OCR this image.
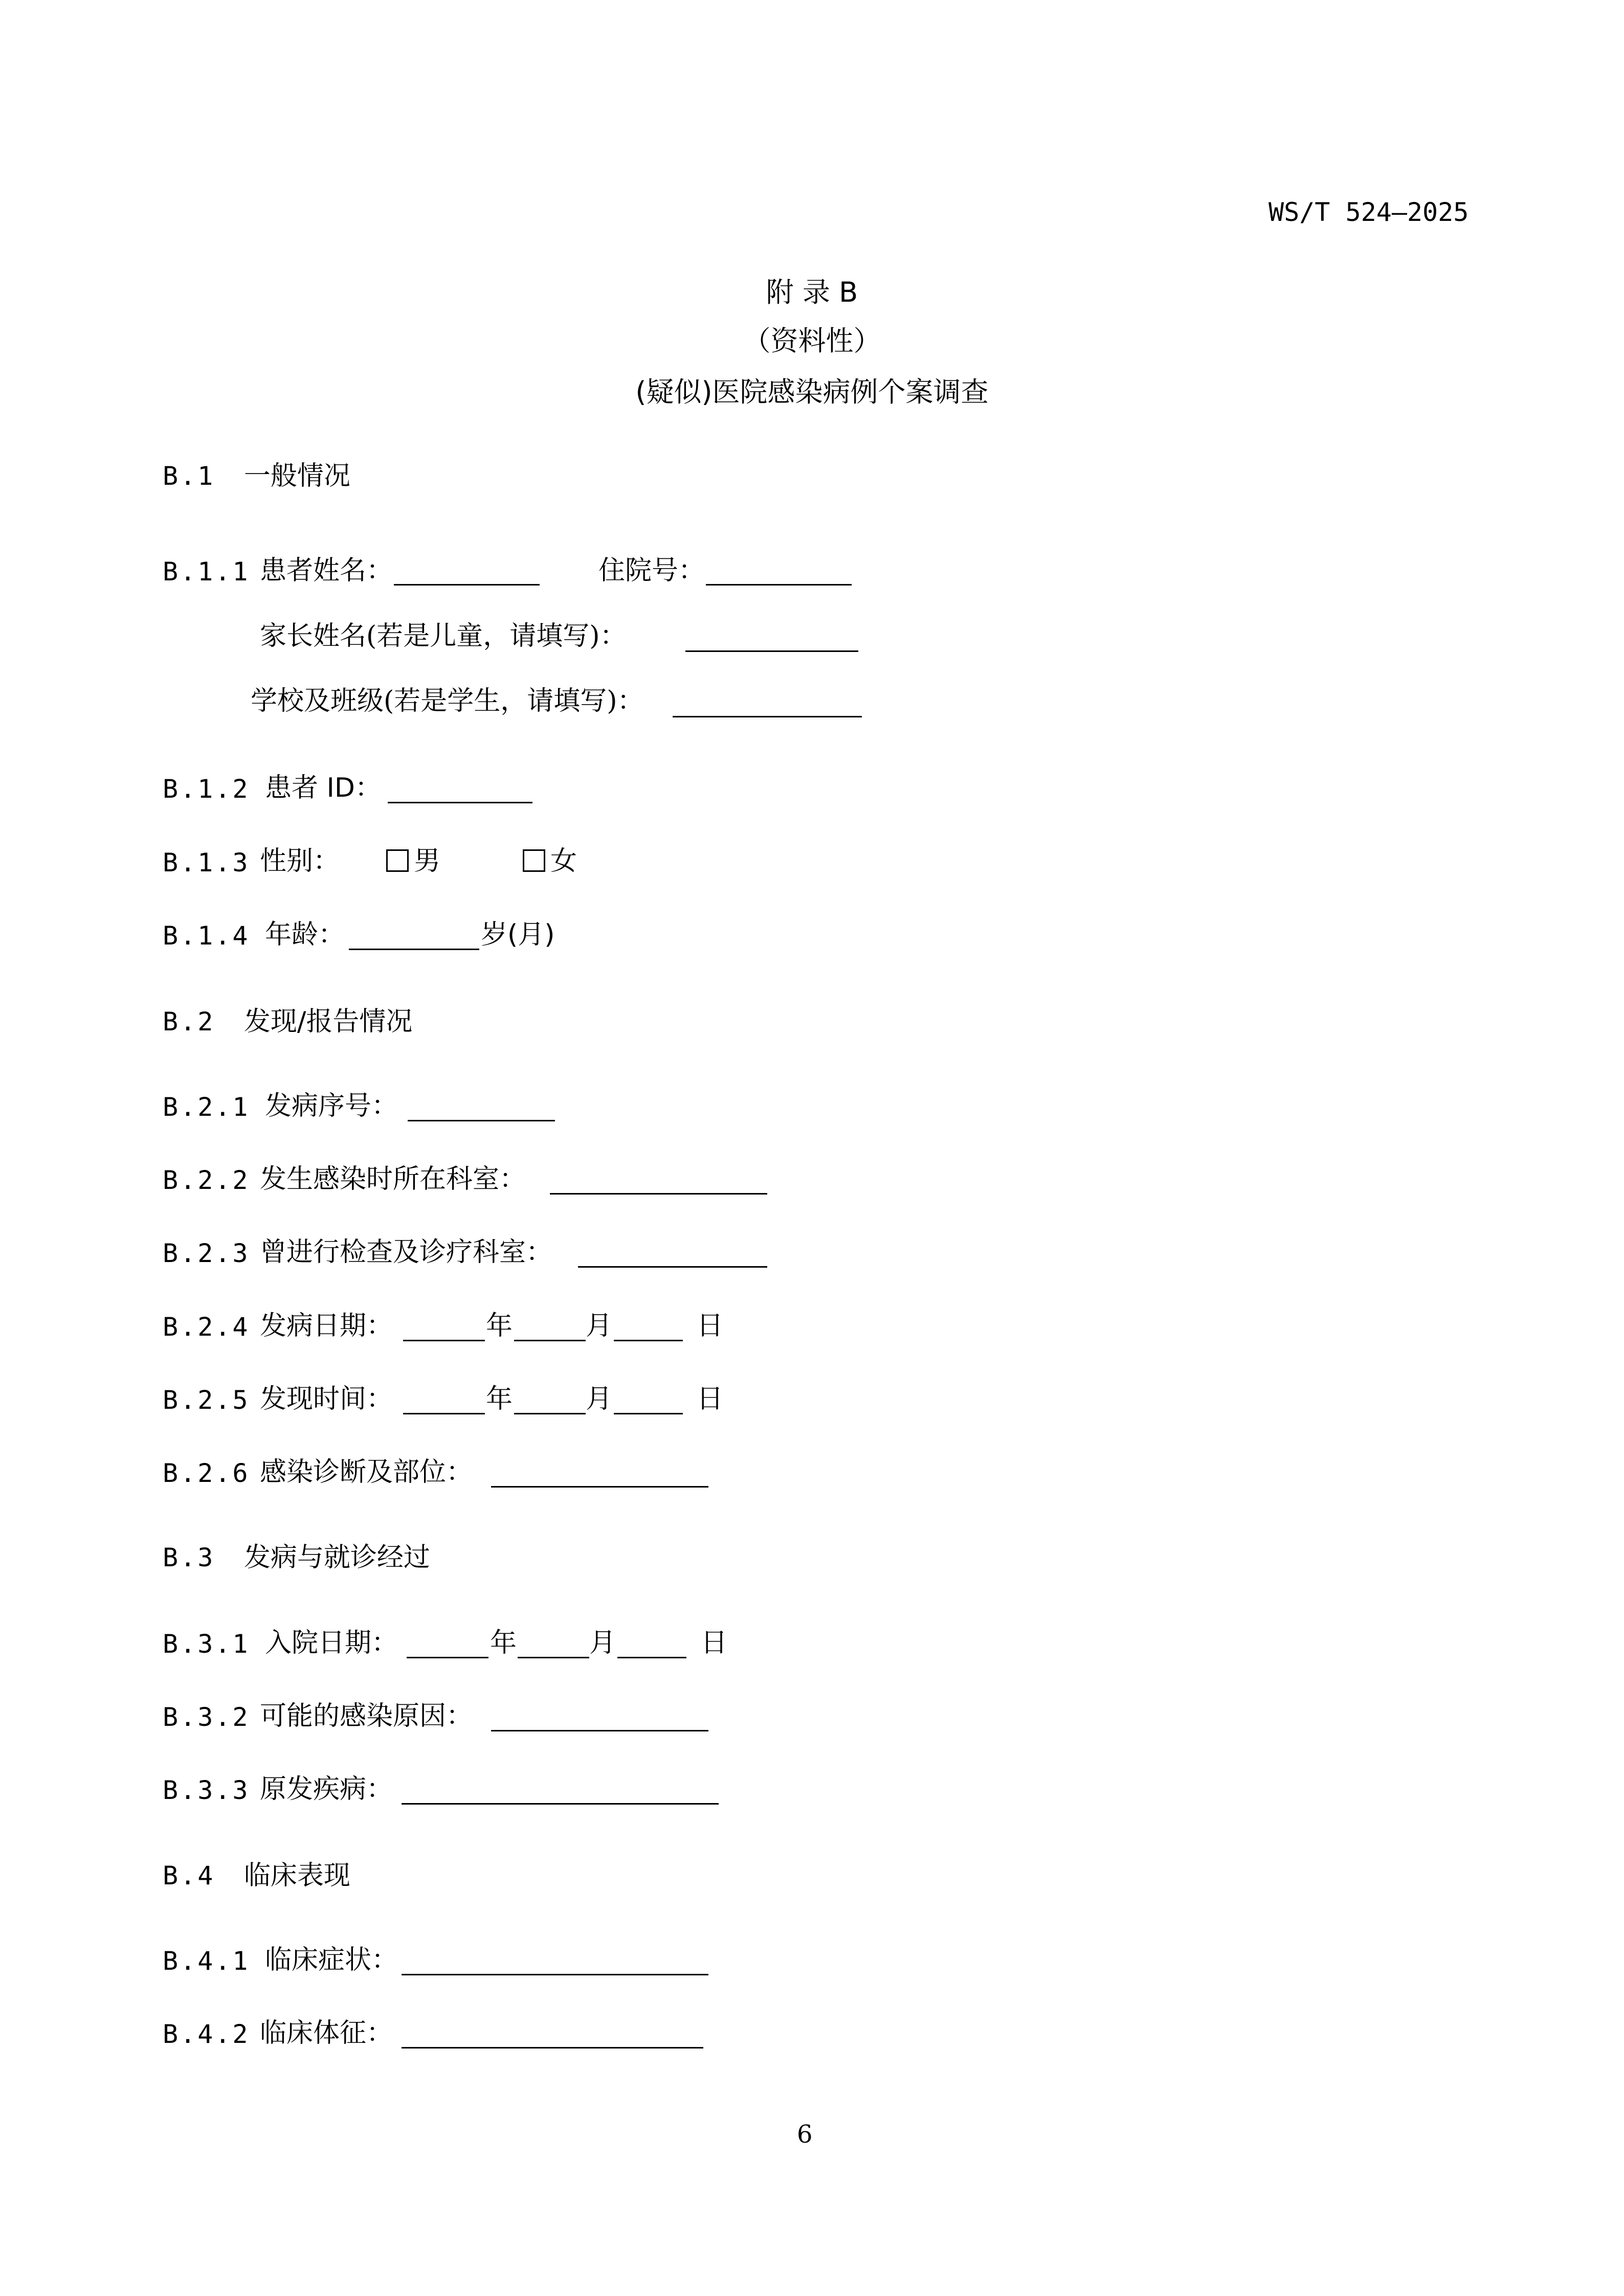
WS/T 524—2025
附 录 B
（资料性）
(疑似)医院感染病例个案调查
B.1 一般情况
B.1.1 患者姓名：	住院号：
家长姓名(若是儿童，请填写)：
学校及班级(若是学生，请填写)：
B.1.2 患者 ID：
B.1.3 性别：	男	女
B.1.4 年龄：	岁(月)
B.2 发现/报告情况
B.2.1 发病序号：
B.2.2 发生感染时所在科室：
B.2.3 曾进行检查及诊疗科室：
B.2.4 发病日期：	年	月	日
B.2.5 发现时间：	年	月	日
B.2.6 感染诊断及部位：
B.3 发病与就诊经过
B.3.1 入院日期：	年	月	日
B.3.2 可能的感染原因：
B.3.3 原发疾病：
B.4 临床表现
B.4.1 临床症状：
B.4.2 临床体征：
6
